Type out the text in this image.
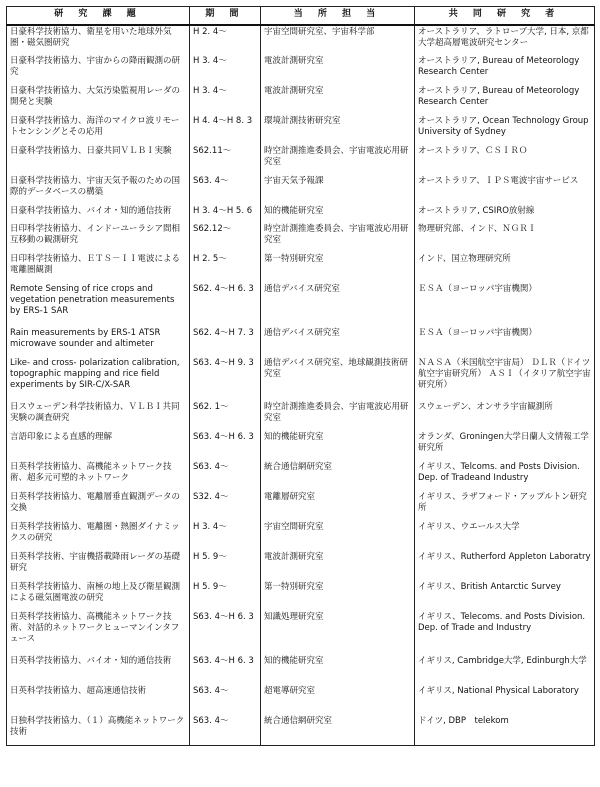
研 究 課 題	期 間	当 所 担 当	共 同 研 究 者
日豪科学技術協力、衛星を用いた地球外気圏・磁気圏研究	H 2. 4～	宇宙空間研究室、宇宙科学部	オーストラリア、ラトローブ大学, 日本, 京都大学超高層電波研究センター
日豪科学技術協力、宇宙からの降雨観測の研究	H 3. 4～	電波計測研究室	オーストラリア, Bureau of Meteorology Research Center
日豪科学技術協力、大気汚染監視用レーダの開発と実験	H 3. 4～	電波計測研究室	オーストラリア, Bureau of Meteorology Research Center
日豪科学技術協力、海洋のマイクロ波リモートセンシングとその応用	H 4. 4～H 8. 3	環境計測技術研究室	オーストラリア, Ocean Technology Group University of Sydney
日豪科学技術協力、日豪共同ＶＬＢＩ実験	S62.11～	時空計測推進委員会、宇宙電波応用研究室	オーストラリア、ＣＳＩＲＯ
日豪科学技術協力、宇宙天気予報のための国際的データベースの構築	S63. 4～	宇宙天気予報課	オーストラリア、ＩＰＳ電波宇宙サービス
日豪科学技術協力、バイオ・知的通信技術	H 3. 4～H 5. 6	知的機能研究室	オーストラリア, CSIRO放射線
日印科学技術協力、インドーユーラシア間相互移動の観測研究	S62.12～	時空計測推進委員会、宇宙電波応用研究室	物理研究部、インド、ＮＧＲＩ
日印科学技術協力、ＥＴＳ－ＩＩ電波による電離圏観測	H 2. 5～	第一特別研究室	インド、国立物理研究所
Remote Sensing of rice crops and vegetation penetration measurements by ERS-1 SAR	S62. 4～H 6. 3	通信デバイス研究室	ＥＳＡ（ヨーロッパ宇宙機関）
Rain measurements by ERS-1 ATSR microwave sounder and altimeter	S62. 4～H 7. 3	通信デバイス研究室	ＥＳＡ（ヨーロッパ宇宙機関）
Like- and cross- polarization calibration, topographic mapping and rice field experiments by SIR-C/X-SAR	S63. 4～H 9. 3	通信デバイス研究室、地球観測技術研究室	ＮＡＳＡ（米国航空宇宙局） ＤＬＲ（ドイツ航空宇宙研究所） ＡＳＩ（イタリア航空宇宙研究所）
日スウェーデン科学技術協力、ＶＬＢＩ共同実験の調査研究	S62. 1～	時空計測推進委員会、宇宙電波応用研究室	スウェーデン、オンサラ宇宙観測所
言語印象による直感的理解	S63. 4～H 6. 3	知的機能研究室	オランダ、Groningen大学日蘭人文情報工学研究所
日英科学技術協力、高機能ネットワーク技術、超多元可塑的ネットワーク	S63. 4～	統合通信網研究室	イギリス、Telcoms. and Posts Division. Dep. of Tradeand Industry
日英科学技術協力、電離層垂直観測データの交換	S32. 4～	電離層研究室	イギリス、ラザフォード・アップルトン研究所
日英科学技術協力、電離圏・熱圏ダイナミックスの研究	H 3. 4～	宇宙空間研究室	イギリス、ウエールス大学
日英科学技術、宇宙機搭載降雨レーダの基礎研究	H 5. 9～	電波計測研究室	イギリス、Rutherford Appleton Laboratry
日英科学技術協力、南極の地上及び衛星観測による磁気圏電波の研究	H 5. 9～	第一特別研究室	イギリス、British Antarctic Survey
日英科学技術協力、高機能ネットワーク技術、対話的ネットワークヒューマンインタフェース	S63. 4～H 6. 3	知識処理研究室	イギリス、Telecoms. and Posts Division. Dep. of Trade and Industry
日英科学技術協力、バイオ・知的通信技術	S63. 4～H 6. 3	知的機能研究室	イギリス, Cambridge大学, Edinburgh大学
日英科学技術協力、超高速通信技術	S63. 4～	超電導研究室	イギリス, National Physical Laboratory
日独科学技術協力、（１）高機能ネットワーク技術	S63. 4～	統合通信網研究室	ドイツ, DBP　telekom
